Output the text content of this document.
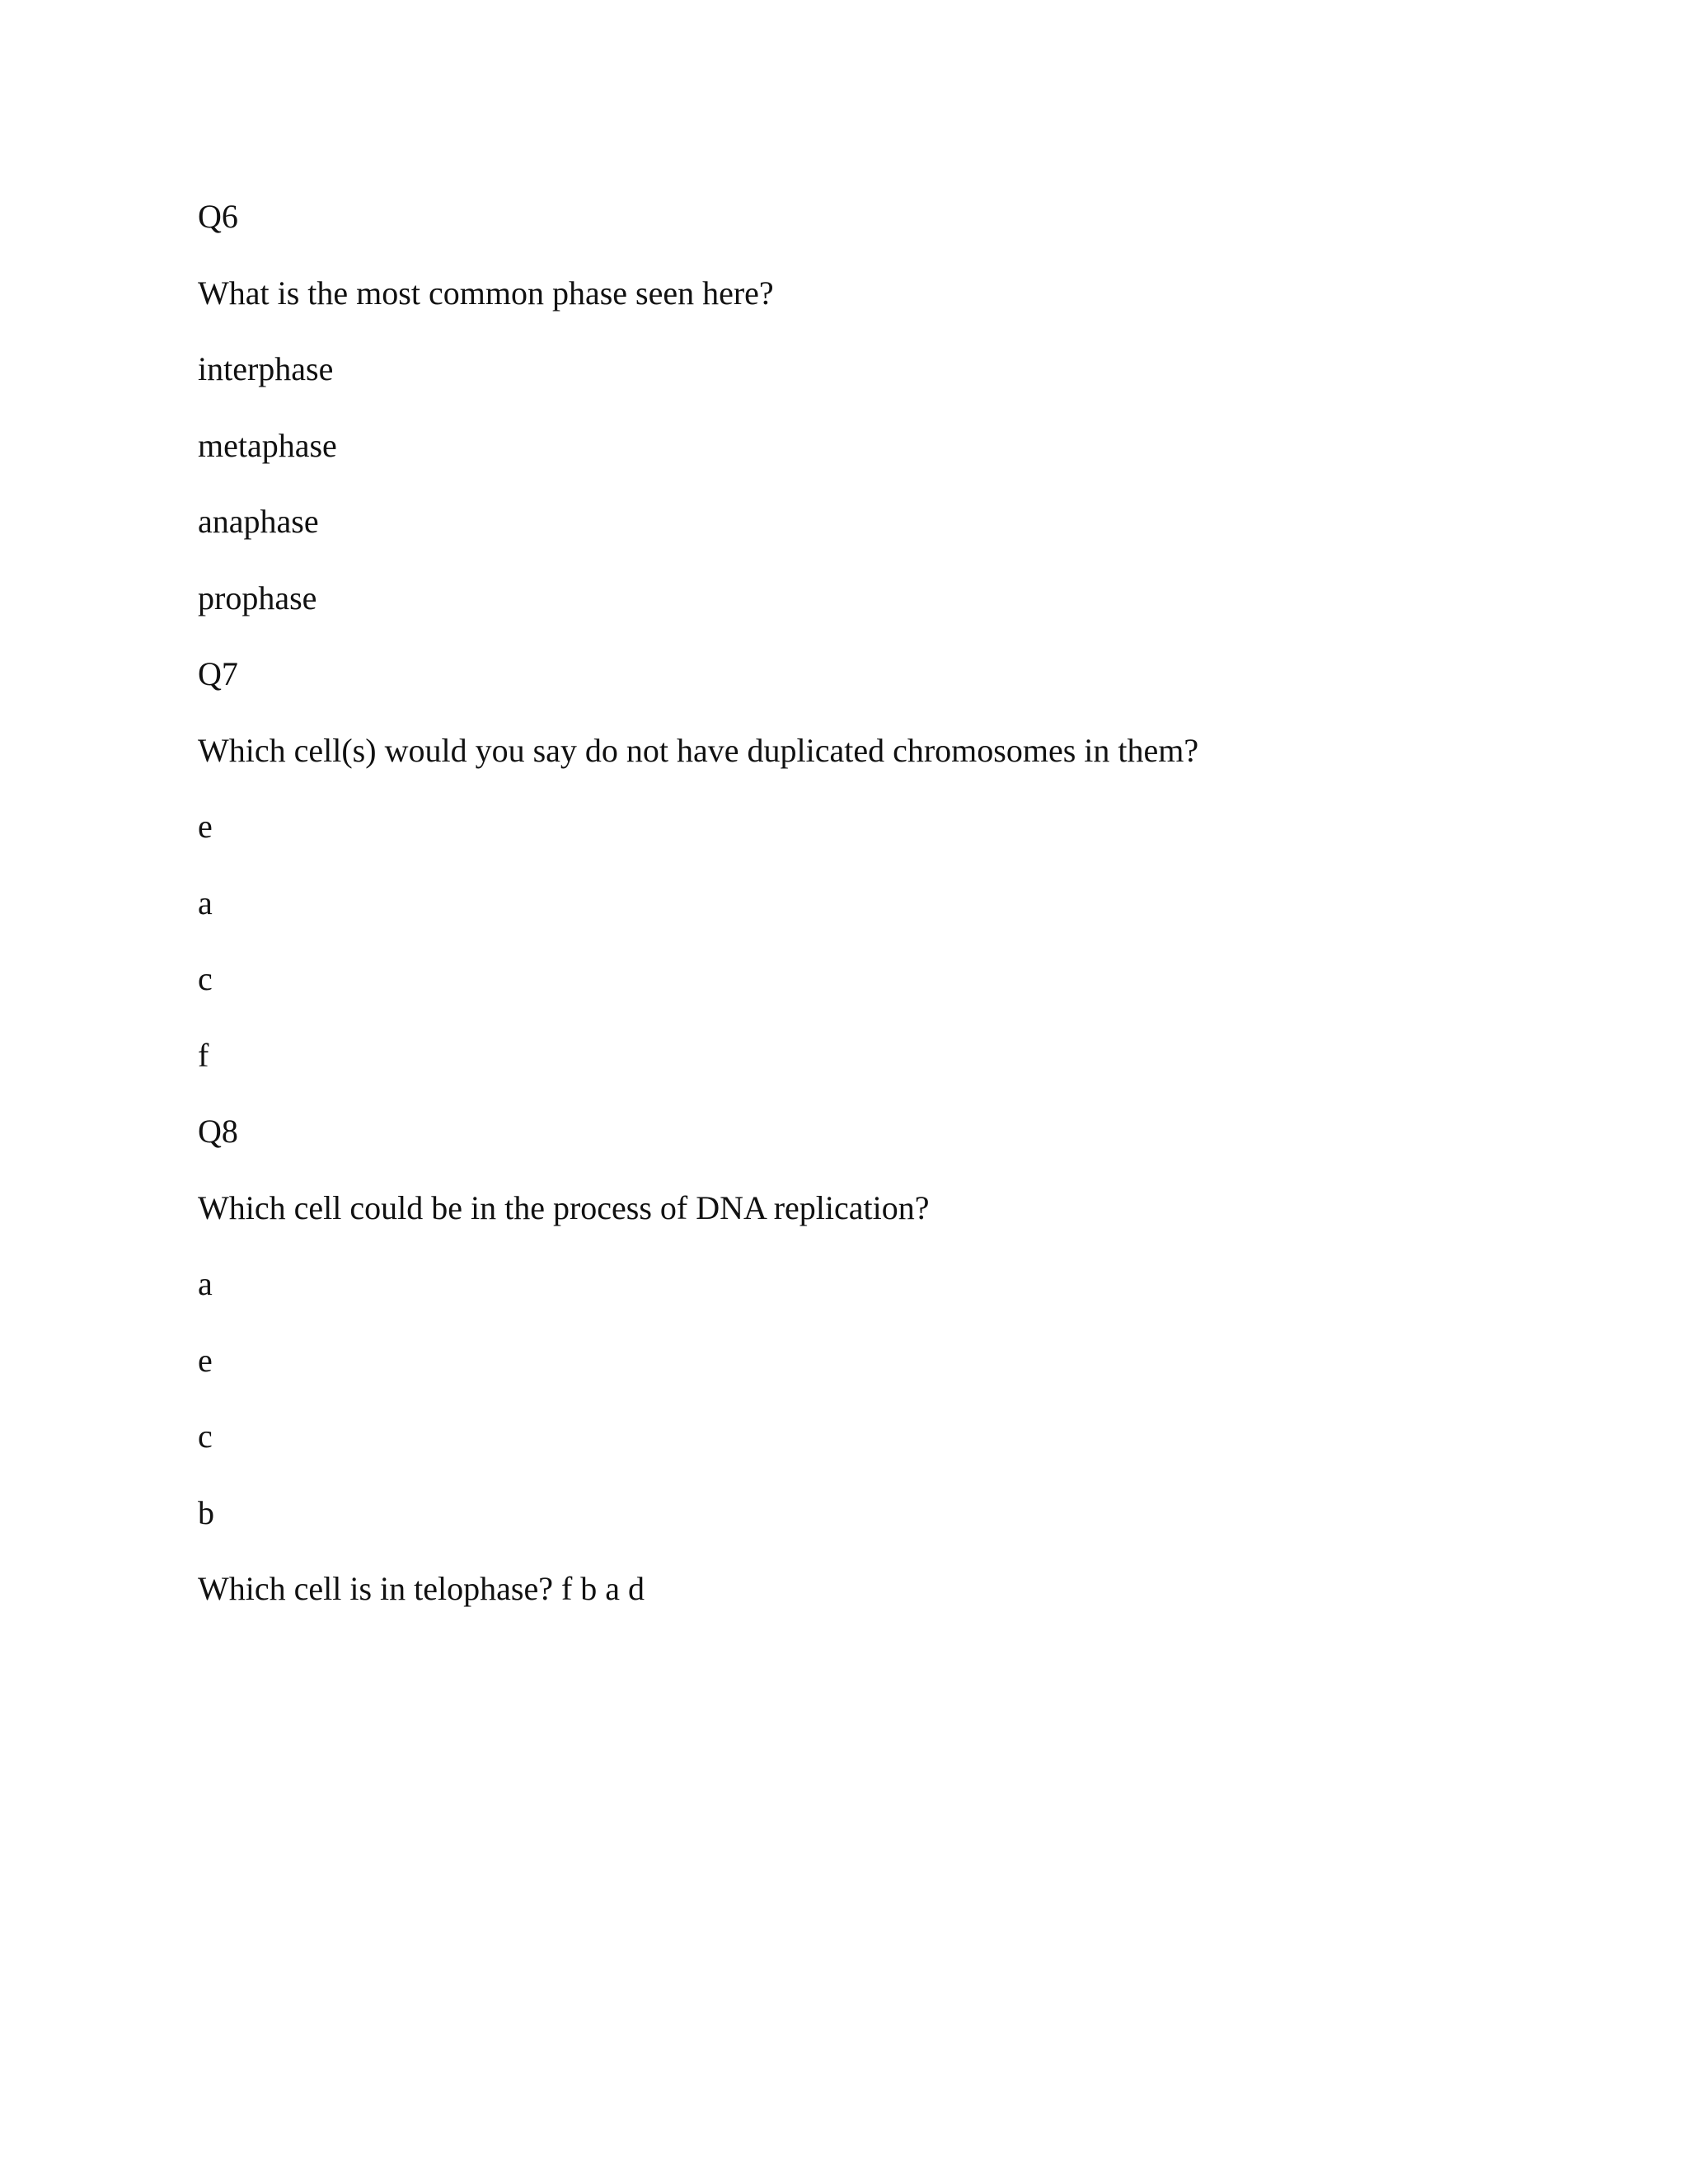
Q6
What is the most common phase seen here?
interphase
metaphase
anaphase
prophase
Q7
Which cell(s) would you say do not have duplicated chromosomes in them?
e
a
c
f
Q8
Which cell could be in the process of DNA replication?
a
e
c
b
Which cell is in telophase? f b a d
